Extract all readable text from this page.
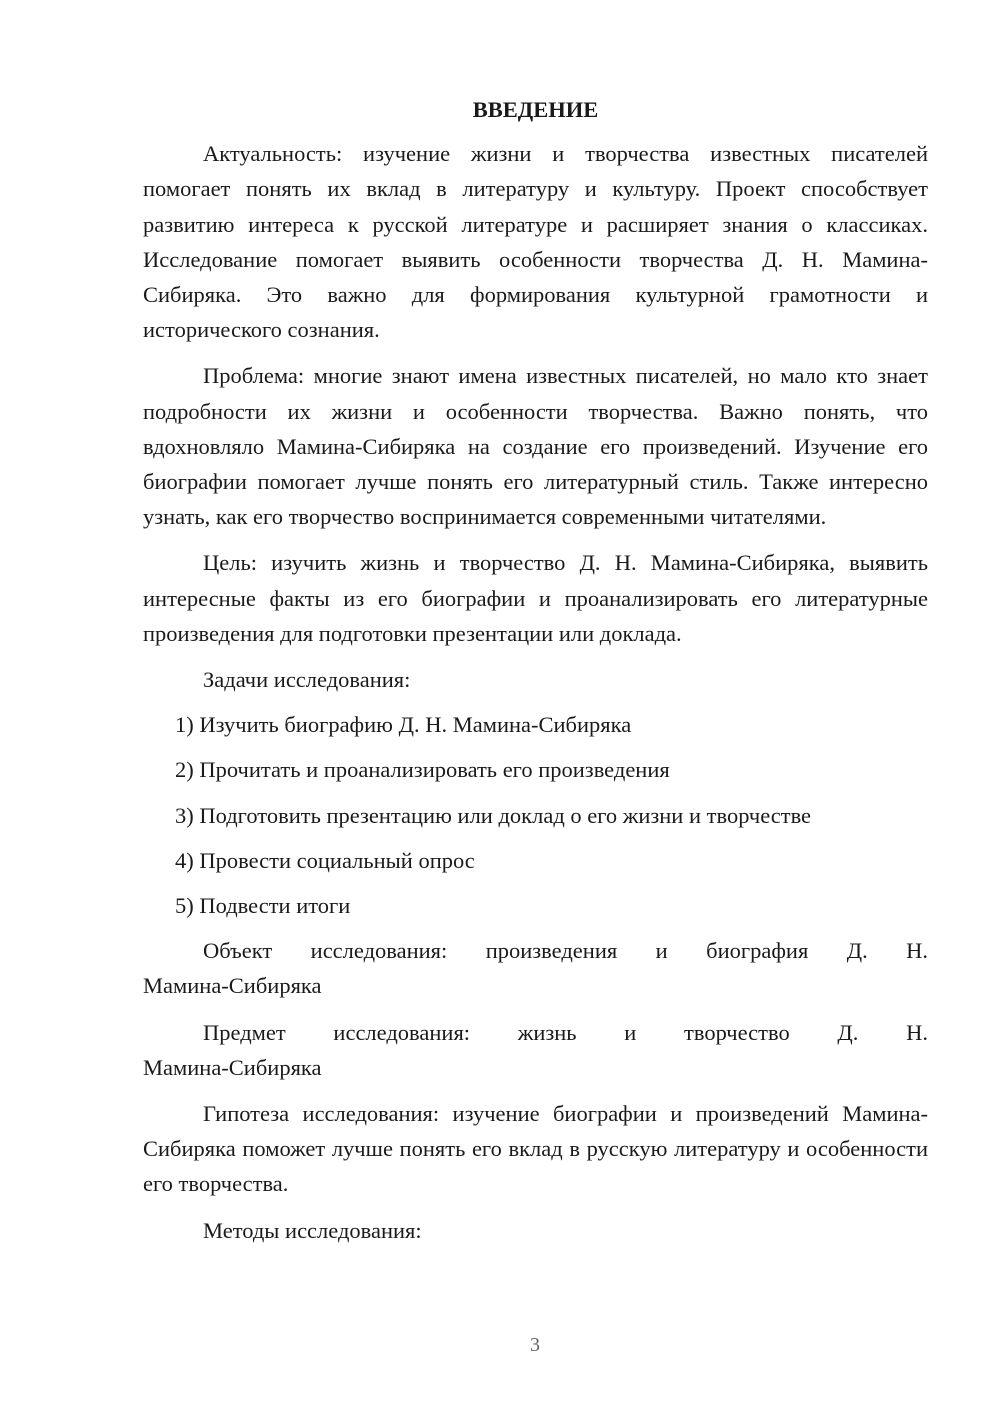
ВВЕДЕНИЕ

Актуальность: изучение жизни и творчества известных писателей помогает понять их вклад в литературу и культуру. Проект способствует развитию интереса к русской литературе и расширяет знания о классиках. Исследование помогает выявить особенности творчества Д. Н. Мамина-Сибиряка. Это важно для формирования культурной грамотности и исторического сознания.

Проблема: многие знают имена известных писателей, но мало кто знает подробности их жизни и особенности творчества. Важно понять, что вдохновляло Мамина-Сибиряка на создание его произведений. Изучение его биографии помогает лучше понять его литературный стиль. Также интересно узнать, как его творчество воспринимается современными читателями.

Цель: изучить жизнь и творчество Д. Н. Мамина-Сибиряка, выявить интересные факты из его биографии и проанализировать его литературные произведения для подготовки презентации или доклада.

Задачи исследования:

1) Изучить биографию Д. Н. Мамина-Сибиряка
2) Прочитать и проанализировать его произведения
3) Подготовить презентацию или доклад о его жизни и творчестве
4) Провести социальный опрос
5) Подвести итоги

Объект исследования: произведения и биография Д. Н.

Мамина-Сибиряка

Предмет исследования: жизнь и творчество Д. Н.

Мамина-Сибиряка

Гипотеза исследования: изучение биографии и произведений Мамина-Сибиряка поможет лучше понять его вклад в русскую литературу и особенности его творчества.

Методы исследования:

3
